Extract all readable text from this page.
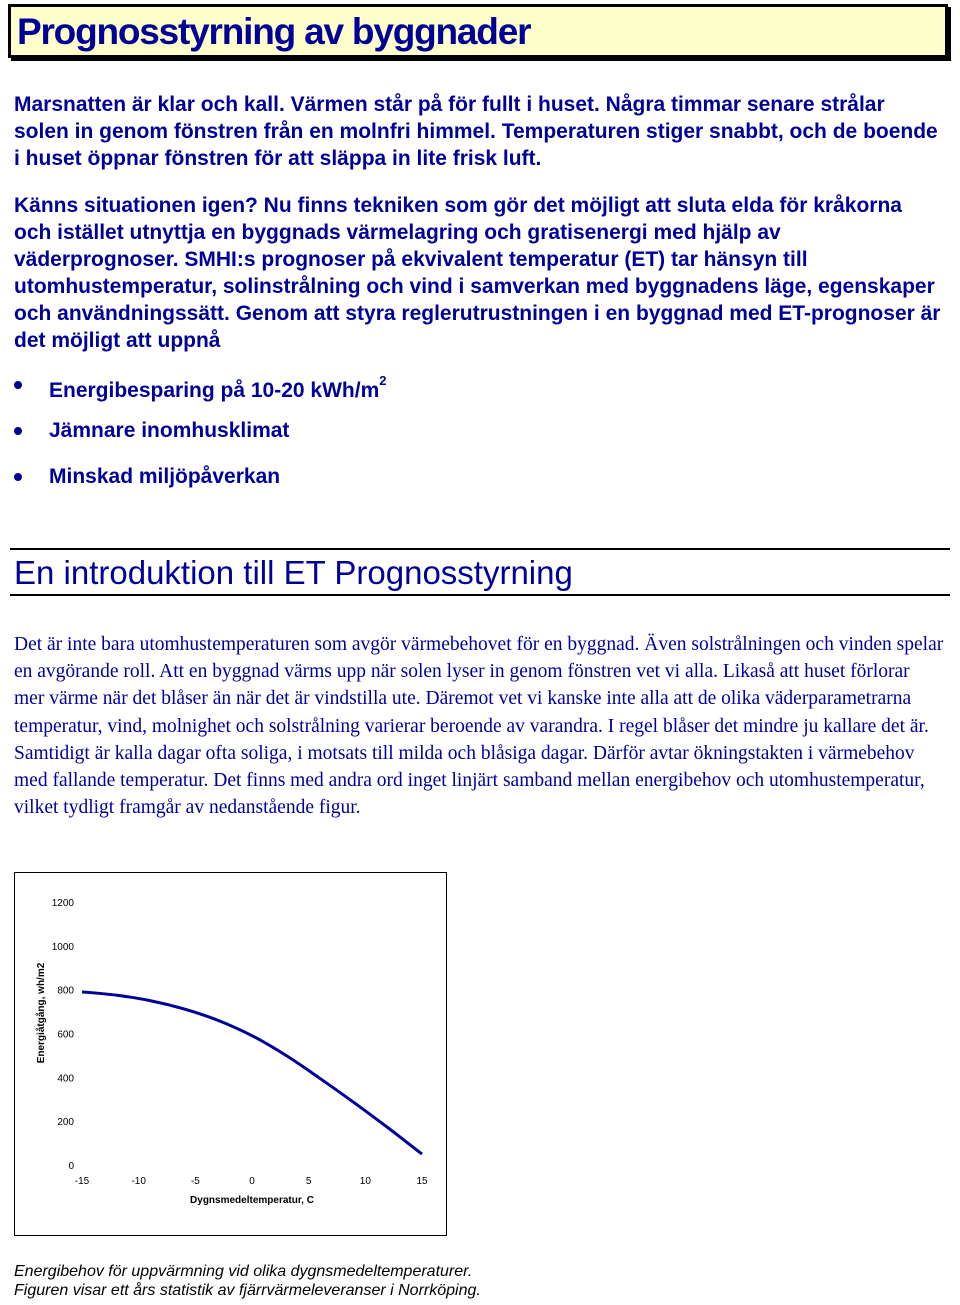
Prognosstyrning av byggnader

Marsnatten är klar och kall. Värmen står på för fullt i huset. Några timmar senare strålar solen in genom fönstren från en molnfri himmel. Temperaturen stiger snabbt, och de boende i huset öppnar fönstren för att släppa in lite frisk luft.

Känns situationen igen? Nu finns tekniken som gör det möjligt att sluta elda för kråkorna och istället utnyttja en byggnads värmelagring och gratisenergi med hjälp av väderprognoser. SMHI:s prognoser på ekvivalent temperatur (ET) tar hänsyn till utomhustemperatur, solinstrålning och vind i samverkan med byggnadens läge, egenskaper och användningssätt. Genom att styra reglerutrustningen i en byggnad med ET-prognoser är det möjligt att uppnå

Energibesparing på 10-20 kWh/$m^2$
Jämnare inomhusklimat
Minskad miljöpåverkan
En introduktion till ET Prognosstyrning

Det är inte bara utomhustemperaturen som avgör värmebehovet för en byggnad. Även solstrålningen och vinden spelar en avgörande roll. Att en byggnad värms upp när solen lyser in genom fönstren vet vi alla. Likaså att huset förlorar mer värme när det blåser än när det är vindstilla ute. Däremot vet vi kanske inte alla att de olika väderparametrarna temperatur, vind, molnighet och solstrålning varierar beroende av varandra. I regel blåser det mindre ju kallare det är. Samtidigt är kalla dagar ofta soliga, i motsats till milda och blåsiga dagar. Därför avtar ökningstakten i värmebehov med fallande temperatur. Det finns med andra ord inget linjärt samband mellan energibehov och utomhustemperatur, vilket tydligt framgår av nedanstående figur.

0
200
400
600
800
1000
1200
-15	-10	-5	0	5	10	15
Dygnsmedeltemperatur, C
Energiåtgång, wh/m2
Energibehov för uppvärmning vid olika dygnsmedeltemperaturer.
Figuren visar ett års statistik av fjärrvärmeleveranser i Norrköping.
